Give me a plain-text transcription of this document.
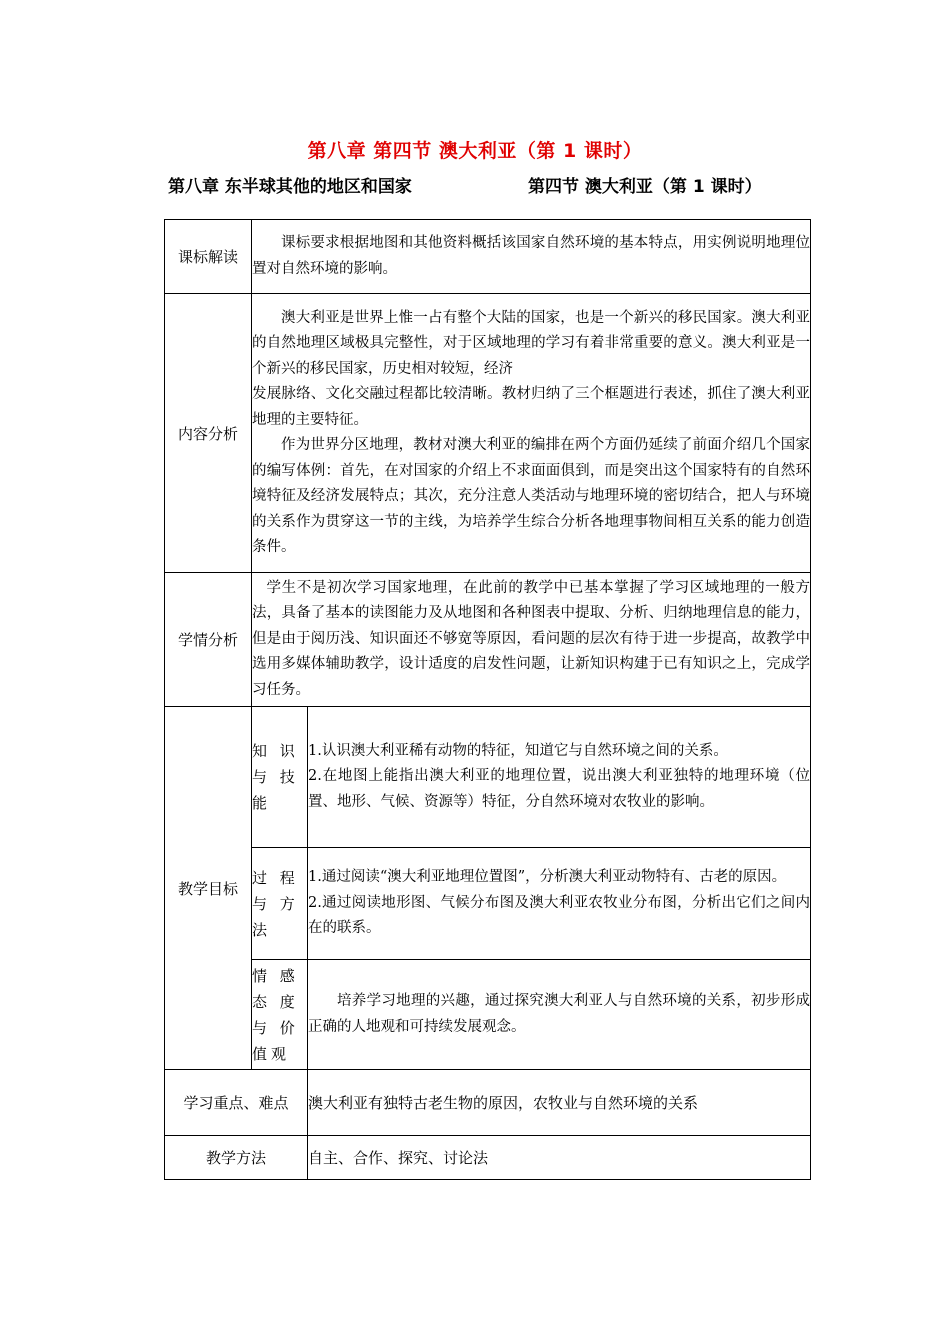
第八章 第四节 澳大利亚（第 1 课时）
第八章 东半球其他的地区和国家	第四节 澳大利亚（第 1 课时）
课标解读	课标要求根据地图和其他资料概括该国家自然环境的基本特点，用实例说明地理位置对自然环境的影响。	

内容分析	澳大利亚是世界上惟一占有整个大陆的国家，也是一个新兴的移民国家。澳大利亚的自然地理区域极具完整性，对于区域地理的学习有着非常重要的意义。澳大利亚是一个新兴的移民国家，历史相对较短，经济

发展脉络、文化交融过程都比较清晰。教材归纳了三个框题进行表述，抓住了澳大利亚地理的主要特征。

作为世界分区地理，教材对澳大利亚的编排在两个方面仍延续了前面介绍几个国家的编写体例：首先，在对国家的介绍上不求面面俱到，而是突出这个国家特有的自然环境特征及经济发展特点；其次，充分注意人类活动与地理环境的密切结合，把人与环境的关系作为贯穿这一节的主线，为培养学生综合分析各地理事物间相互关系的能力创造条件。	

学情分析	学生不是初次学习国家地理，在此前的教学中已基本掌握了学习区域地理的一般方法，具备了基本的读图能力及从地图和各种图表中提取、分析、归纳地理信息的能力，但是由于阅历浅、知识面还不够宽等原因，看问题的层次有待于进一步提高，故教学中选用多媒体辅助教学，设计适度的启发性问题，让新知识构建于已有知识之上，完成学习任务。	

教学目标	知 识 与 技 能	1.认识澳大利亚稀有动物的特征，知道它与自然环境之间的关系。

2.在地图上能指出澳大利亚的地理位置，说出澳大利亚独特的地理环境（位置、地形、气候、资源等）特征，分自然环境对农牧业的影响。

	过 程 与 方 法	1.通过阅读“澳大利亚地理位置图”，分析澳大利亚动物特有、古老的原因。

2.通过阅读地形图、气候分布图及澳大利亚农牧业分布图，分析出它们之间内在的联系。

	情 感 态 度 与 价 值观	培养学习地理的兴趣，通过探究澳大利亚人与自然环境的关系，初步形成正确的人地观和可持续发展观念。

学习重点、难点		澳大利亚有独特古老生物的原因，农牧业与自然环境的关系
教学方法		自主、合作、探究、讨论法
